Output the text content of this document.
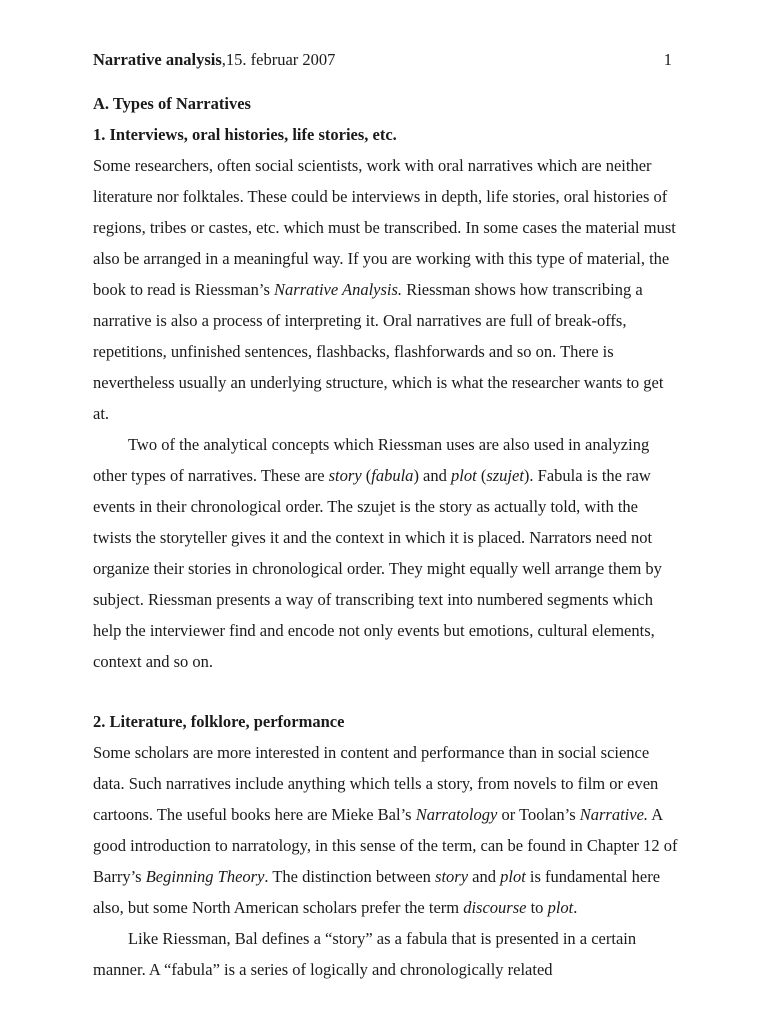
Narrative analysis,15. februar 2007	1

A. Types of Narratives

1. Interviews, oral histories, life stories, etc.

Some researchers, often social scientists, work with oral narratives which are neither literature nor folktales. These could be interviews in depth, life stories, oral histories of regions, tribes or castes, etc. which must be transcribed. In some cases the material must also be arranged in a meaningful way. If you are working with this type of material, the book to read is Riessman’s Narrative Analysis. Riessman shows how transcribing a narrative is also a process of interpreting it. Oral narratives are full of break-offs, repetitions, unfinished sentences, flashbacks, flashforwards and so on. There is nevertheless usually an underlying structure, which is what the researcher wants to get at.

Two of the analytical concepts which Riessman uses are also used in analyzing other types of narratives. These are story (fabula) and plot (szujet). Fabula is the raw events in their chronological order. The szujet is the story as actually told, with the twists the storyteller gives it and the context in which it is placed. Narrators need not organize their stories in chronological order. They might equally well arrange them by subject. Riessman presents a way of transcribing text into numbered segments which help the interviewer find and encode not only events but emotions, cultural elements, context and so on.

2. Literature, folklore, performance

Some scholars are more interested in content and performance than in social science data. Such narratives include anything which tells a story, from novels to film or even cartoons. The useful books here are Mieke Bal’s Narratology or Toolan’s Narrative. A good introduction to narratology, in this sense of the term, can be found in Chapter 12 of Barry’s Beginning Theory. The distinction between story and plot is fundamental here also, but some North American scholars prefer the term discourse to plot.

Like Riessman, Bal defines a “story” as a fabula that is presented in a certain manner. A “fabula” is a series of logically and chronologically related
